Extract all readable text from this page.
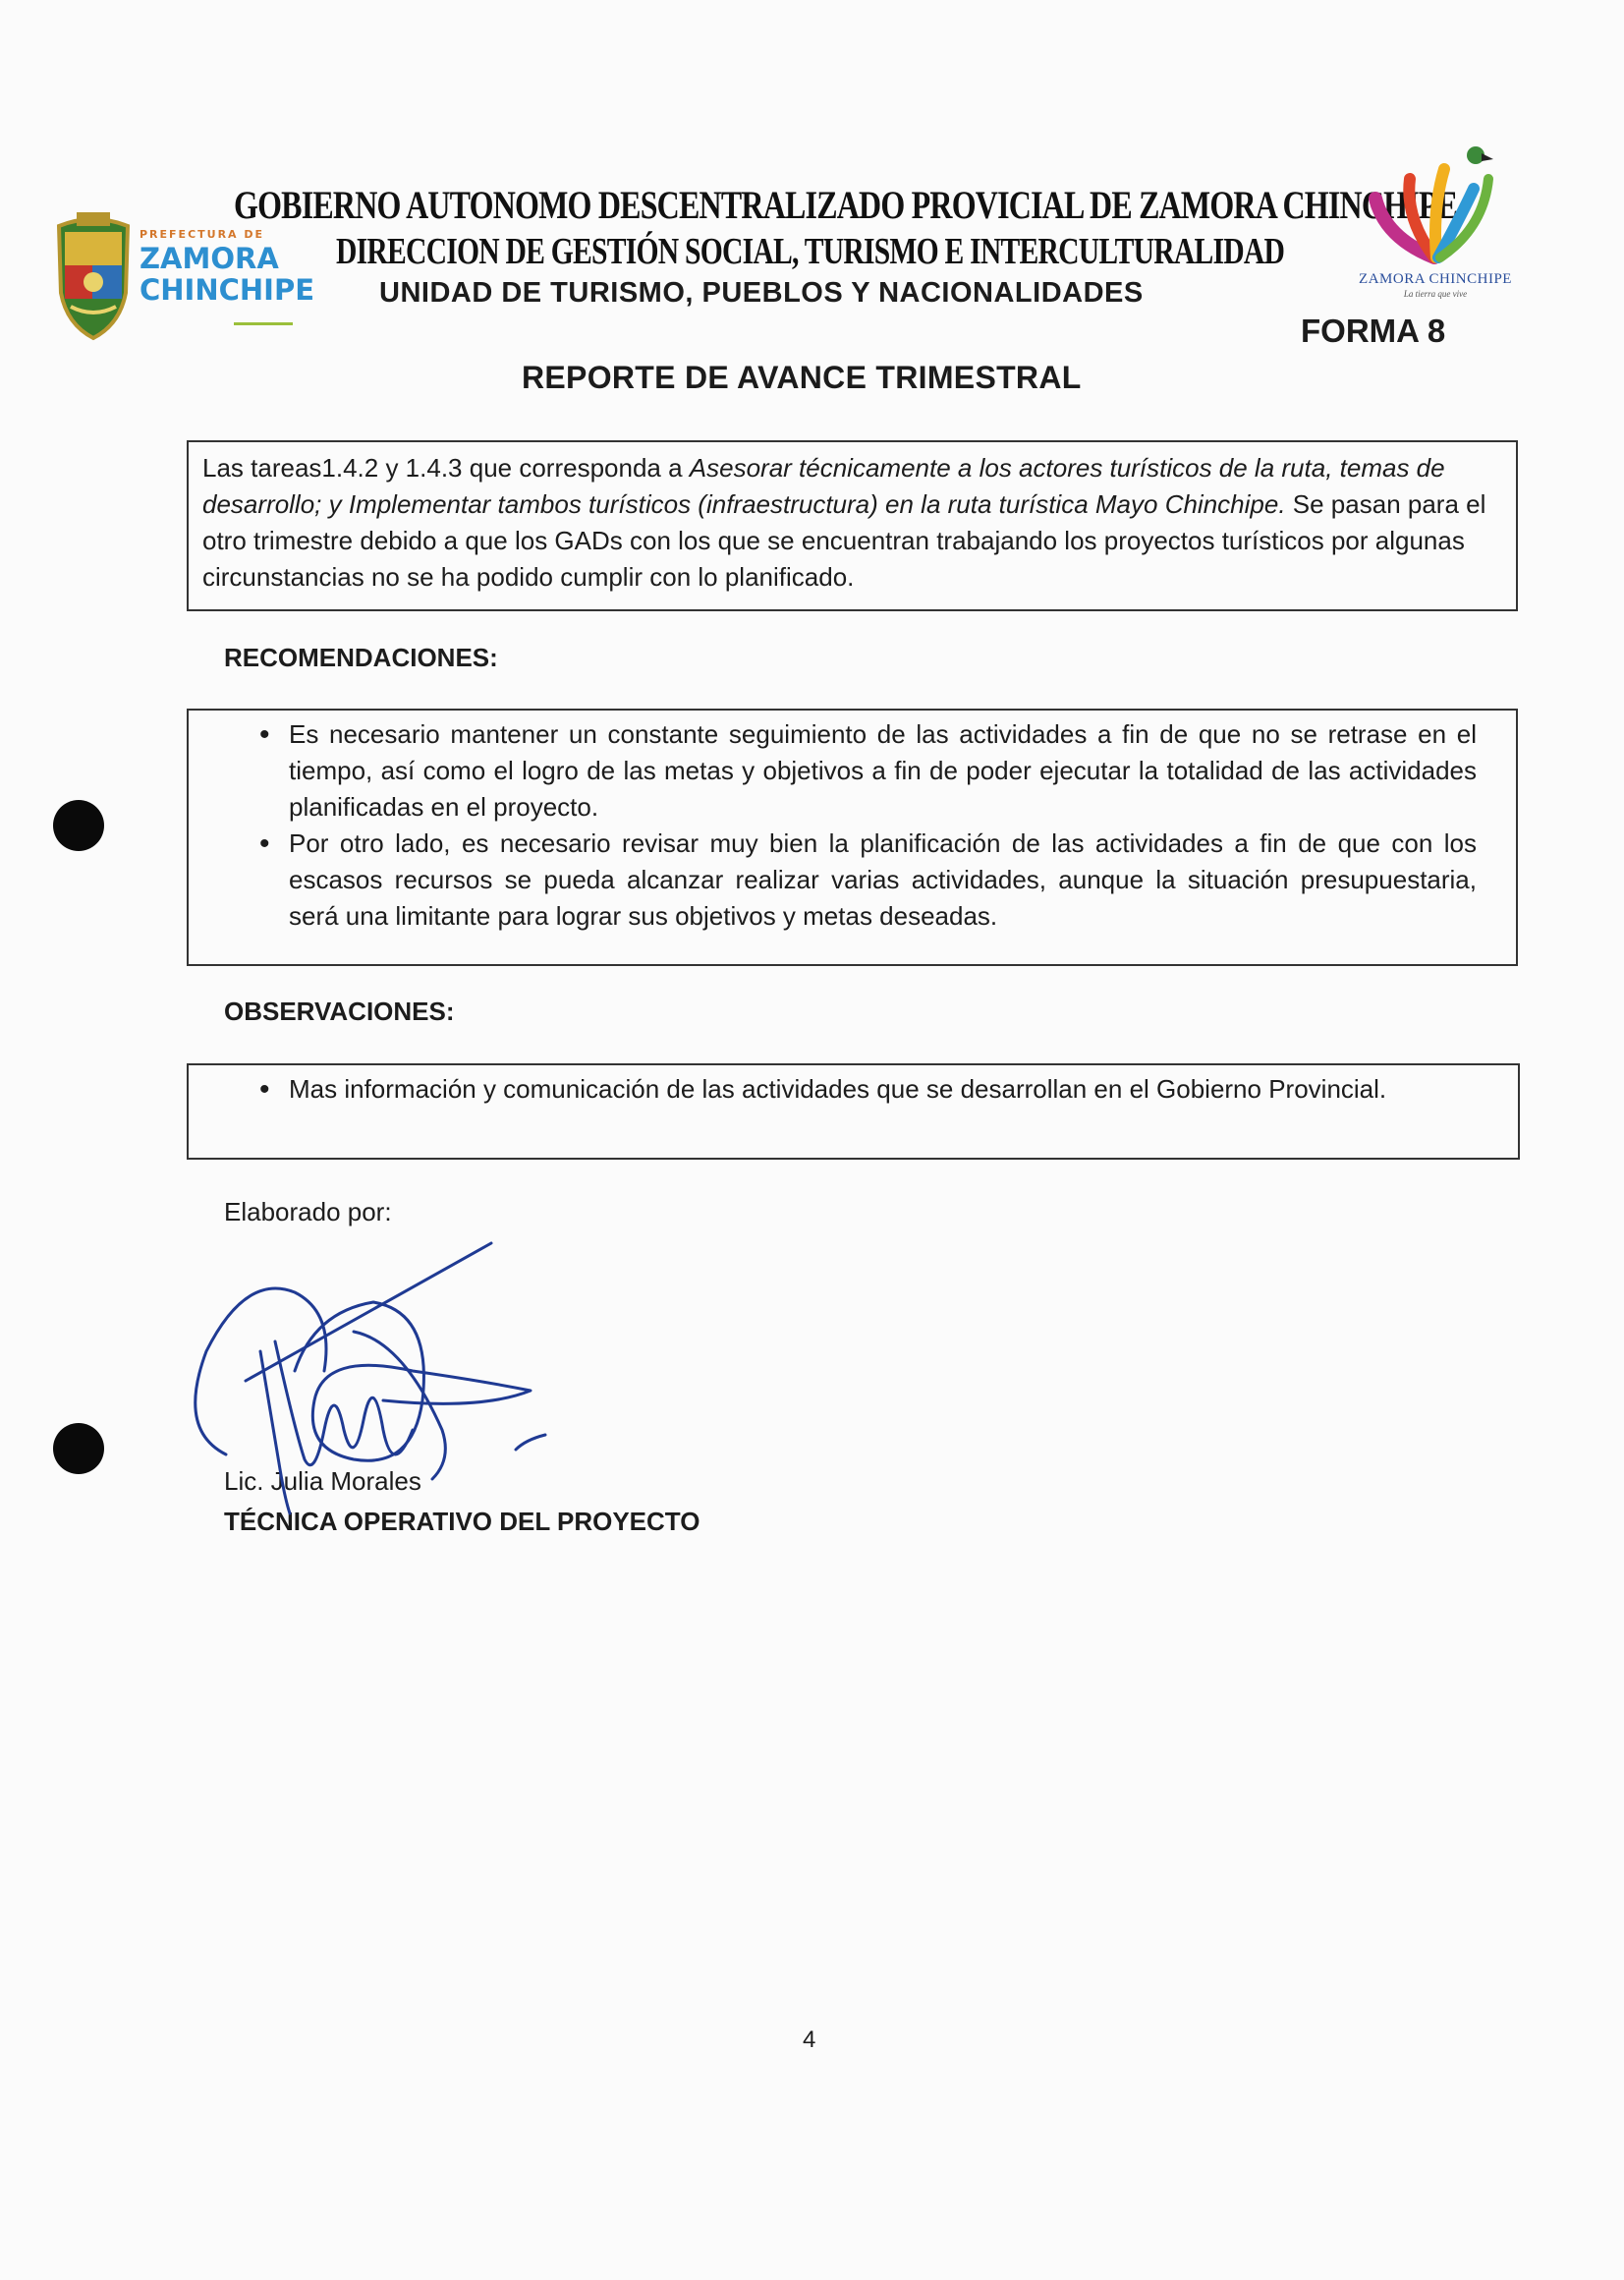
PREFECTURA DE
ZAMORA
CHINCHIPE
GOBIERNO AUTONOMO DESCENTRALIZADO PROVICIAL DE ZAMORA CHINCHIPE
DIRECCION DE GESTIÓN SOCIAL, TURISMO E INTERCULTURALIDAD
UNIDAD DE TURISMO, PUEBLOS Y NACIONALIDADES	ZAMORA CHINCHIPE
La tierra que vive
FORMA 8
REPORTE DE AVANCE TRIMESTRAL
Las tareas1.4.2 y 1.4.3 que corresponda a Asesorar técnicamente a los actores turísticos de la ruta, temas de desarrollo; y Implementar tambos turísticos (infraestructura) en la ruta turística Mayo Chinchipe. Se pasan para el otro trimestre debido a que los GADs con los que se encuentran trabajando los proyectos turísticos por algunas circunstancias no se ha podido cumplir con lo planificado.
RECOMENDACIONES:
• Es necesario mantener un constante seguimiento de las actividades a fin de que no se retrase en el tiempo, así como el logro de las metas y objetivos a fin de poder ejecutar la totalidad de las actividades planificadas en el proyecto.
• Por otro lado, es necesario revisar muy bien la planificación de las actividades a fin de que con los escasos recursos se pueda alcanzar realizar varias actividades, aunque la situación presupuestaria, será una limitante para lograr sus objetivos y metas deseadas.
OBSERVACIONES:
• Mas información y comunicación de las actividades que se desarrollan en el Gobierno Provincial.
Elaborado por:
Lic. Julia Morales
TÉCNICA OPERATIVO DEL PROYECTO
4
